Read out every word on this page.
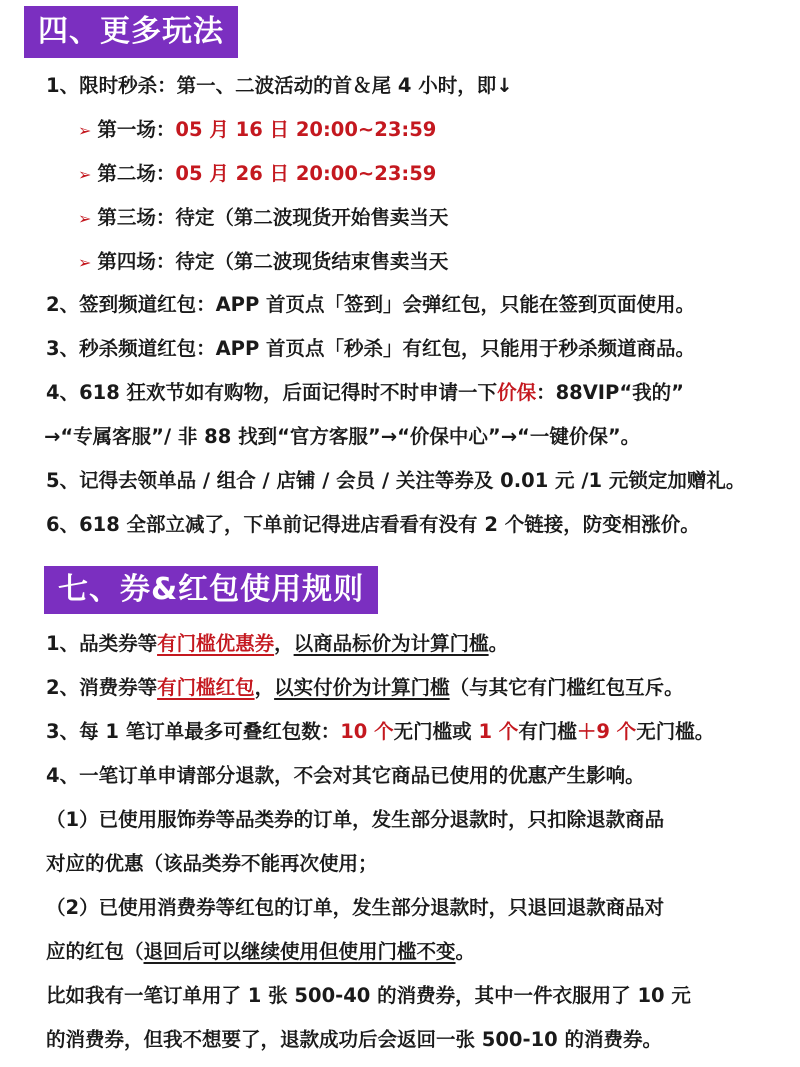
四、更多玩法
1、限时秒杀：第一、二波活动的首＆尾 4 小时，即↓
➢ 第一场：05 月 16 日 20:00~23:59
➢ 第二场：05 月 26 日 20:00~23:59
➢ 第三场：待定（第二波现货开始售卖当天
➢ 第四场：待定（第二波现货结束售卖当天
2、签到频道红包：APP 首页点「签到」会弹红包，只能在签到页面使用。
3、秒杀频道红包：APP 首页点「秒杀」有红包，只能用于秒杀频道商品。
4、618 狂欢节如有购物，后面记得时不时申请一下价保：88VIP“我的”
→“专属客服”/ 非 88 找到“官方客服”→“价保中心”→“一键价保”。
5、记得去领单品 / 组合 / 店铺 / 会员 / 关注等券及 0.01 元 /1 元锁定加赠礼。
6、618 全部立减了，下单前记得进店看看有没有 2 个链接，防变相涨价。
七、券&红包使用规则
1、品类券等有门槛优惠券，以商品标价为计算门槛。
2、消费券等有门槛红包，以实付价为计算门槛（与其它有门槛红包互斥。
3、每 1 笔订单最多可叠红包数：10 个无门槛或 1 个有门槛＋9 个无门槛。
4、一笔订单申请部分退款，不会对其它商品已使用的优惠产生影响。
（1）已使用服饰券等品类券的订单，发生部分退款时，只扣除退款商品
对应的优惠（该品类券不能再次使用；
（2）已使用消费券等红包的订单，发生部分退款时，只退回退款商品对
应的红包（退回后可以继续使用但使用门槛不变。
比如我有一笔订单用了 1 张 500-40 的消费券，其中一件衣服用了 10 元
的消费券，但我不想要了，退款成功后会返回一张 500-10 的消费券。
